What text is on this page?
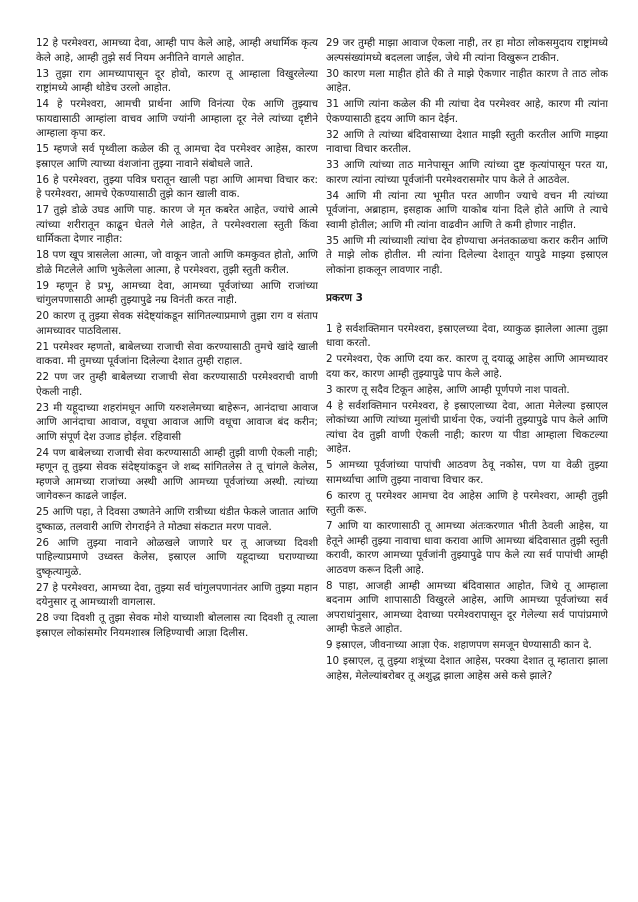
12 हे परमेश्वरा, आमच्या देवा, आम्ही पाप केले आहे, आम्ही अधार्मिक कृत्य केले आहे, आम्ही तुझे सर्व नियम अनीतिने वागले आहोत.

13 तुझा राग आमच्यापासून दूर होवो, कारण तू आम्हाला विखुरलेल्या राष्ट्रांमध्ये आम्ही थोडेच उरलो आहोत.

14 हे परमेश्वरा, आमची प्रार्थना आणि विनंत्या ऐक आणि तुझ्याच फायद्यासाठी आम्हांला वाचव आणि ज्यांनी आम्हाला दूर नेले त्यांच्या दृष्टीने आम्हाला कृपा कर.

15 म्हणजे सर्व पृथ्वीला कळेल की तू आमचा देव परमेश्वर आहेस, कारण इस्राएल आणि त्याच्या वंशजांना तुझ्या नावाने संबोधले जाते.

16 हे परमेश्वरा, तुझ्या पवित्र घरातून खाली पहा आणि आमचा विचार कर: हे परमेश्वरा, आमचे ऐकण्यासाठी तुझे कान खाली वाक.

17 तुझे डोळे उघड आणि पाह. कारण जे मृत कबरेत आहेत, ज्यांचे आत्मे त्यांच्या शरीरातून काढून घेतले गेले आहेत, ते परमेश्वराला स्तुती किंवा धार्मिकता देणार नाहीत:

18 पण खूप त्रासलेला आत्मा, जो वाकून जातो आणि कमकुवत होतो, आणि डोळे मिटलेले आणि भुकेलेला आत्मा, हे परमेश्वरा, तुझी स्तुती करील.

19 म्हणून हे प्रभू, आमच्या देवा, आमच्या पूर्वजांच्या आणि राजांच्या चांगुलपणासाठी आम्ही तुझ्यापुढे नम्र विनंती करत नाही.

20 कारण तू तुझ्या सेवक संदेष्ट्यांकडून सांगितल्याप्रमाणे तुझा राग व संताप आमच्यावर पाठविलास.

21 परमेश्वर म्हणतो, बाबेलच्या राजाची सेवा करण्यासाठी तुमचे खांदे खाली वाकवा. मी तुमच्या पूर्वजांना दिलेल्या देशात तुम्ही राहाल.

22 पण जर तुम्ही बाबेलच्या राजाची सेवा करण्यासाठी परमेश्वराची वाणी ऐकली नाही.

23 मी यहूदाच्या शहरांमधून आणि यरुशलेमच्या बाहेरून, आनंदाचा आवाज आणि आनंदाचा आवाज, वधूचा आवाज आणि वधूचा आवाज बंद करीन; आणि संपूर्ण देश उजाड होईल. रहिवासी

24 पण बाबेलच्या राजाची सेवा करण्यासाठी आम्ही तुझी वाणी ऐकली नाही; म्हणून तू तुझ्या सेवक संदेष्ट्यांकडून जे शब्द सांगितलेस ते तू चांगले केलेस, म्हणजे आमच्या राजांच्या अस्थी आणि आमच्या पूर्वजांच्या अस्थी. त्यांच्या जागेवरून काढले जाईल.

25 आणि पहा, ते दिवसा उष्णतेने आणि रात्रीच्या थंडीत फेकले जातात आणि दुष्काळ, तलवारी आणि रोगराईने ते मोठ्या संकटात मरण पावले.

26 आणि तुझ्या नावाने ओळखले जाणारे घर तू आजच्या दिवशी पाहिल्याप्रमाणे उध्वस्त केलेस, इस्राएल आणि यहूदाच्या घराण्याच्या दुष्कृत्यामुळे.

27 हे परमेश्वरा, आमच्या देवा, तुझ्या सर्व चांगुलपणानंतर आणि तुझ्या महान दयेनुसार तू आमच्याशी वागलास.

28 ज्या दिवशी तू तुझा सेवक मोशे याच्याशी बोललास त्या दिवशी तू त्याला इस्राएल लोकांसमोर नियमशास्त्र लिहिण्याची आज्ञा दिलीस.

29 जर तुम्ही माझा आवाज ऐकला नाही, तर हा मोठा लोकसमुदाय राष्ट्रांमध्ये अल्पसंख्यांमध्ये बदलला जाईल, जेथे मी त्यांना विखुरून टाकीन.

30 कारण मला माहीत होते की ते माझे ऐकणार नाहीत कारण ते ताठ लोक आहेत.

31 आणि त्यांना कळेल की मी त्यांचा देव परमेश्वर आहे, कारण मी त्यांना ऐकण्यासाठी हृदय आणि कान देईन.

32 आणि ते त्यांच्या बंदिवासाच्या देशात माझी स्तुती करतील आणि माझ्या नावाचा विचार करतील.

33 आणि त्यांच्या ताठ मानेपासून आणि त्यांच्या दुष्ट कृत्यांपासून परत या, कारण त्यांना त्यांच्या पूर्वजांनी परमेश्वरासमोर पाप केले ते आठवेल.

34 आणि मी त्यांना त्या भूमीत परत आणीन ज्याचे वचन मी त्यांच्या पूर्वजांना, अब्राहाम, इसहाक आणि याकोब यांना दिले होते आणि ते त्याचे स्वामी होतील; आणि मी त्यांना वाढवीन आणि ते कमी होणार नाहीत.

35 आणि मी त्यांच्याशी त्यांचा देव होण्याचा अनंतकाळचा करार करीन आणि ते माझे लोक होतील. मी त्यांना दिलेल्या देशातून यापुढे माझ्या इस्राएल लोकांना हाकलून लावणार नाही.

प्रकरण 3

1 हे सर्वशक्तिमान परमेश्वरा, इस्राएलच्या देवा, व्याकुळ झालेला आत्मा तुझा धावा करतो.

2 परमेश्वरा, ऐक आणि दया कर. कारण तू दयाळू आहेस आणि आमच्यावर दया कर, कारण आम्ही तुझ्यापुढे पाप केले आहे.

3 कारण तू सदैव टिकून आहेस, आणि आम्ही पूर्णपणे नाश पावतो.

4 हे सर्वशक्तिमान परमेश्वरा, हे इस्राएलाच्या देवा, आता मेलेल्या इस्राएल लोकांच्या आणि त्यांच्या मुलांची प्रार्थना ऐक, ज्यांनी तुझ्यापुढे पाप केले आणि त्यांचा देव तुझी वाणी ऐकली नाही; कारण या पीडा आम्हाला चिकटल्या आहेत.

5 आमच्या पूर्वजांच्या पापांची आठवण ठेवू नकोस, पण या वेळी तुझ्या सामर्थ्याचा आणि तुझ्या नावाचा विचार कर.

6 कारण तू परमेश्वर आमचा देव आहेस आणि हे परमेश्वरा, आम्ही तुझी स्तुती करू.

7 आणि या कारणासाठी तू आमच्या अंतःकरणात भीती ठेवली आहेस, या हेतूने आम्ही तुझ्या नावाचा धावा करावा आणि आमच्या बंदिवासात तुझी स्तुती करावी, कारण आमच्या पूर्वजांनी तुझ्यापुढे पाप केले त्या सर्व पापांची आम्ही आठवण करून दिली आहे.

8 पाहा, आजही आम्ही आमच्या बंदिवासात आहोत, जिथे तू आम्हाला बदनाम आणि शापासाठी विखुरले आहेस, आणि आमच्या पूर्वजांच्या सर्व अपराधांनुसार, आमच्या देवाच्या परमेश्वरापासून दूर गेलेल्या सर्व पापांप्रमाणे आम्ही फेडले आहोत.

9 इस्राएल, जीवनाच्या आज्ञा ऐक. शहाणपण समजून घेण्यासाठी कान दे.

10 इस्राएल, तू तुझ्या शत्रूंच्या देशात आहेस, परक्या देशात तू म्हातारा झाला आहेस, मेलेल्यांबरोबर तू अशुद्ध झाला आहेस असे कसे झाले?
